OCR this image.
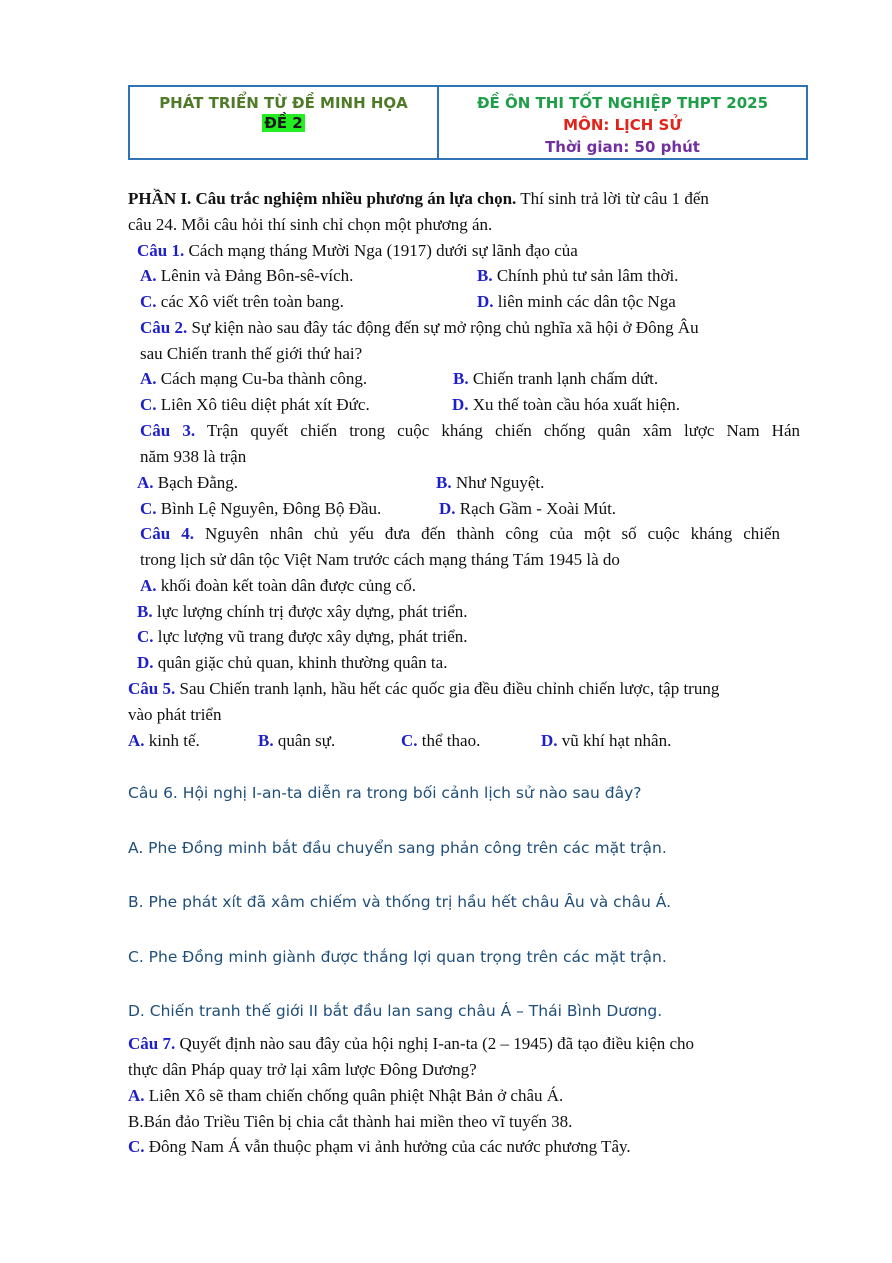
PHÁT TRIỂN TỪ ĐỀ MINH HỌA
ĐỀ 2
ĐỀ ÔN THI TỐT NGHIỆP THPT 2025
MÔN: LỊCH SỬ
Thời gian: 50 phút
PHẦN I. Câu trắc nghiệm nhiều phương án lựa chọn. Thí sinh trả lời từ câu 1 đến
câu 24. Mỗi câu hỏi thí sinh chỉ chọn một phương án.
Câu 1. Cách mạng tháng Mười Nga (1917) dưới sự lãnh đạo của
A. Lênin và Đảng Bôn-sê-vích.	B. Chính phủ tư sản lâm thời.
C. các Xô viết trên toàn bang.	D. liên minh các dân tộc Nga
Câu 2. Sự kiện nào sau đây tác động đến sự mở rộng chủ nghĩa xã hội ở Đông Âu
sau Chiến tranh thế giới thứ hai?
A. Cách mạng Cu-ba thành công.	B. Chiến tranh lạnh chấm dứt.
C. Liên Xô tiêu diệt phát xít Đức.	D. Xu thế toàn cầu hóa xuất hiện.
Câu 3. Trận quyết chiến trong cuộc kháng chiến chống quân xâm lược Nam Hán
năm 938 là trận
A. Bạch Đằng.	B. Như Nguyệt.
C. Bình Lệ Nguyên, Đông Bộ Đầu.	D. Rạch Gầm - Xoài Mút.
Câu 4. Nguyên nhân chủ yếu đưa đến thành công của một số cuộc kháng chiến
trong lịch sử dân tộc Việt Nam trước cách mạng tháng Tám 1945 là do
A. khối đoàn kết toàn dân được củng cố.
B. lực lượng chính trị được xây dựng, phát triển.
C. lực lượng vũ trang được xây dựng, phát triển.
D. quân giặc chủ quan, khinh thường quân ta.
Câu 5. Sau Chiến tranh lạnh, hầu hết các quốc gia đều điều chỉnh chiến lược, tập trung
vào phát triển
A. kinh tế.	B. quân sự.	C. thể thao.	D. vũ khí hạt nhân.
Câu 6. Hội nghị I-an-ta diễn ra trong bối cảnh lịch sử nào sau đây?
A. Phe Đồng minh bắt đầu chuyển sang phản công trên các mặt trận.
B. Phe phát xít đã xâm chiếm và thống trị hầu hết châu Âu và châu Á.
C. Phe Đồng minh giành được thắng lợi quan trọng trên các mặt trận.
D. Chiến tranh thế giới II bắt đầu lan sang châu Á – Thái Bình Dương.
Câu 7. Quyết định nào sau đây của hội nghị I-an-ta (2 – 1945) đã tạo điều kiện cho
thực dân Pháp quay trở lại xâm lược Đông Dương?
A. Liên Xô sẽ tham chiến chống quân phiệt Nhật Bản ở châu Á.
B.Bán đảo Triều Tiên bị chia cắt thành hai miền theo vĩ tuyến 38.
C. Đông Nam Á vẫn thuộc phạm vi ảnh hưởng của các nước phương Tây.
